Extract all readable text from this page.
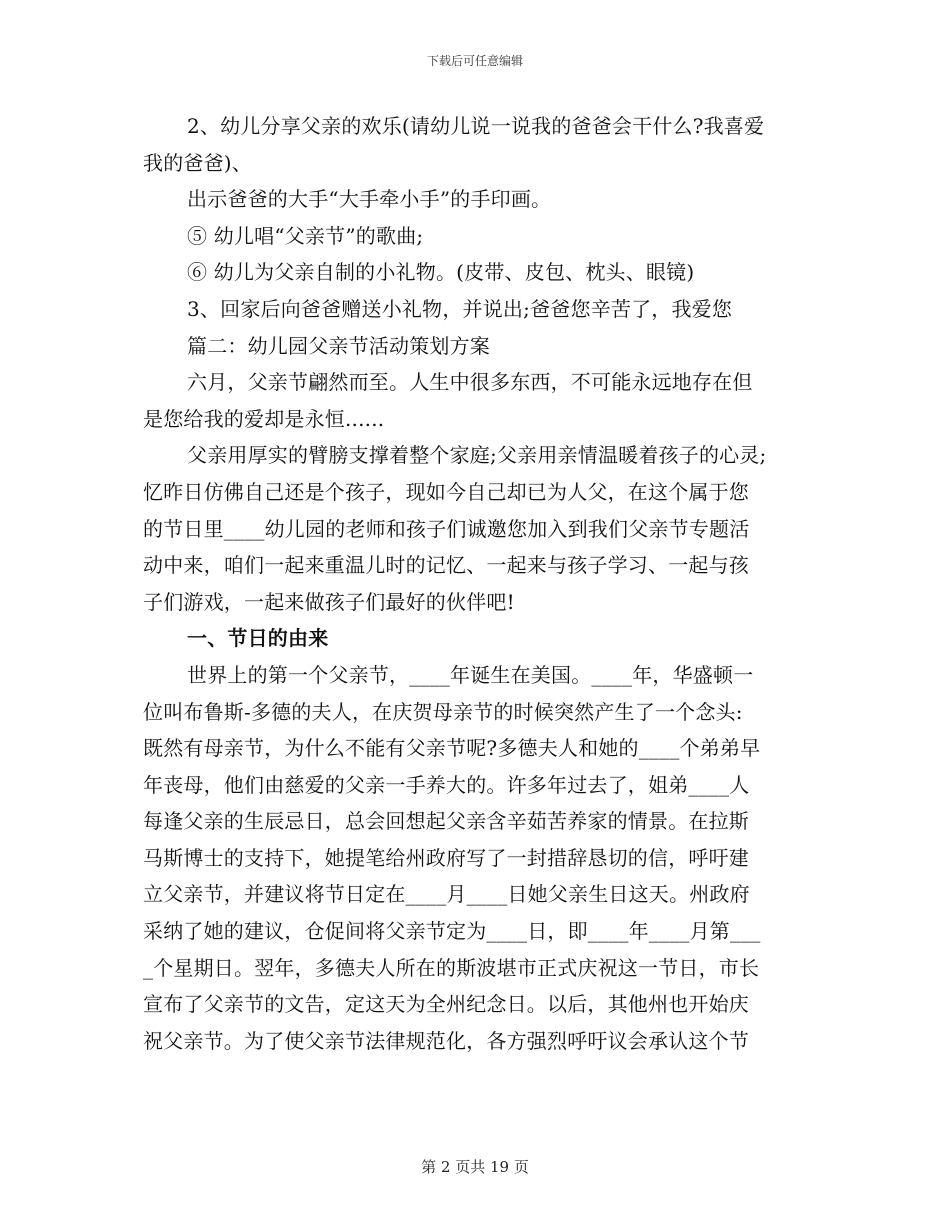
下载后可任意编辑
2、幼儿分享父亲的欢乐(请幼儿说一说我的爸爸会干什么?我喜爱
我的爸爸)、
出示爸爸的大手“大手牵小手”的手印画。
⑤ 幼儿唱“父亲节”的歌曲;
⑥ 幼儿为父亲自制的小礼物。(皮带、皮包、枕头、眼镜)
3、回家后向爸爸赠送小礼物，并说出;爸爸您辛苦了，我爱您
篇二：幼儿园父亲节活动策划方案
六月，父亲节翩然而至。人生中很多东西，不可能永远地存在但
是您给我的爱却是永恒......
父亲用厚实的臂膀支撑着整个家庭;父亲用亲情温暖着孩子的心灵;
忆昨日仿佛自己还是个孩子，现如今自己却已为人父，在这个属于您
的节日里____幼儿园的老师和孩子们诚邀您加入到我们父亲节专题活
动中来，咱们一起来重温儿时的记忆、一起来与孩子学习、一起与孩
子们游戏，一起来做孩子们最好的伙伴吧!
一、节日的由来
世界上的第一个父亲节，____年诞生在美国。____年，华盛顿一
位叫布鲁斯-多德的夫人，在庆贺母亲节的时候突然产生了一个念头:
既然有母亲节，为什么不能有父亲节呢?多德夫人和她的____个弟弟早
年丧母，他们由慈爱的父亲一手养大的。许多年过去了，姐弟____人
每逢父亲的生辰忌日，总会回想起父亲含辛茹苦养家的情景。在拉斯
马斯博士的支持下，她提笔给州政府写了一封措辞恳切的信，呼吁建
立父亲节，并建议将节日定在____月____日她父亲生日这天。州政府
采纳了她的建议，仓促间将父亲节定为____日，即____年____月第___
_个星期日。翌年，多德夫人所在的斯波堪市正式庆祝这一节日，市长
宣布了父亲节的文告，定这天为全州纪念日。以后，其他州也开始庆
祝父亲节。为了使父亲节法律规范化，各方强烈呼吁议会承认这个节
第 2 页共 19 页
